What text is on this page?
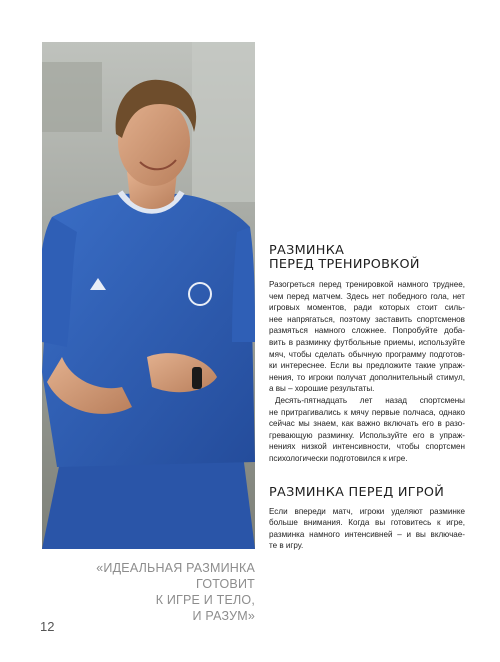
«ИДЕАЛЬНАЯ РАЗМИНКА ГОТОВИТ
К ИГРЕ И ТЕЛО,
И РАЗУМ»
12
РАЗМИНКА
ПЕРЕД ТРЕНИРОВКОЙ

Разогреться перед тренировкой намного труднее,
чем перед матчем. Здесь нет победного гола, нет
игровых моментов, ради которых стоит силь-
нее напрягаться, поэтому заставить спортсменов
размяться намного сложнее. Попробуйте доба-
вить в разминку футбольные приемы, используйте
мяч, чтобы сделать обычную программу подготов-
ки интереснее. Если вы предложите такие упраж-
нения, то игроки получат дополнительный стимул,
а вы – хорошие результаты.

Десять-пятнадцать лет назад спортсмены
не притрагивались к мячу первые полчаса, однако
сейчас мы знаем, как важно включать его в разо-
гревающую разминку. Используйте его в упраж-
нениях низкой интенсивности, чтобы спортсмен
психологически подготовился к игре.

РАЗМИНКА ПЕРЕД ИГРОЙ

Если впереди матч, игроки уделяют разминке
больше внимания. Когда вы готовитесь к игре,
разминка намного интенсивней – и вы включае-
те в игру.
